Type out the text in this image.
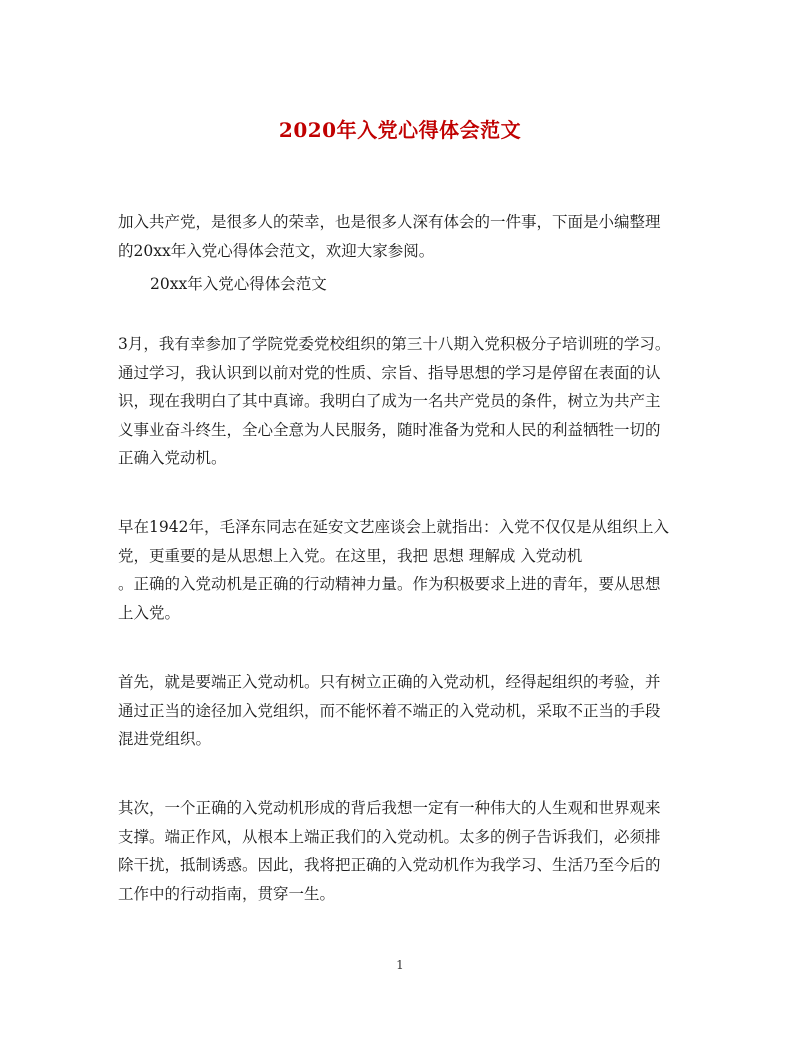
2020年入党心得体会范文
加入共产党，是很多人的荣幸，也是很多人深有体会的一件事，下面是小编整理
的20xx年入党心得体会范文，欢迎大家参阅。
20xx年入党心得体会范文
3月，我有幸参加了学院党委党校组织的第三十八期入党积极分子培训班的学习。
通过学习，我认识到以前对党的性质、宗旨、指导思想的学习是停留在表面的认
识，现在我明白了其中真谛。我明白了成为一名共产党员的条件，树立为共产主
义事业奋斗终生，全心全意为人民服务，随时准备为党和人民的利益牺牲一切的
正确入党动机。
早在1942年，毛泽东同志在延安文艺座谈会上就指出：入党不仅仅是从组织上入
党，更重要的是从思想上入党。在这里，我把 思想 理解成 入党动机
。正确的入党动机是正确的行动精神力量。作为积极要求上进的青年，要从思想
上入党。
首先，就是要端正入党动机。只有树立正确的入党动机，经得起组织的考验，并
通过正当的途径加入党组织，而不能怀着不端正的入党动机，采取不正当的手段
混进党组织。
其次，一个正确的入党动机形成的背后我想一定有一种伟大的人生观和世界观来
支撑。端正作风，从根本上端正我们的入党动机。太多的例子告诉我们，必须排
除干扰，抵制诱惑。因此，我将把正确的入党动机作为我学习、生活乃至今后的
工作中的行动指南，贯穿一生。
1
